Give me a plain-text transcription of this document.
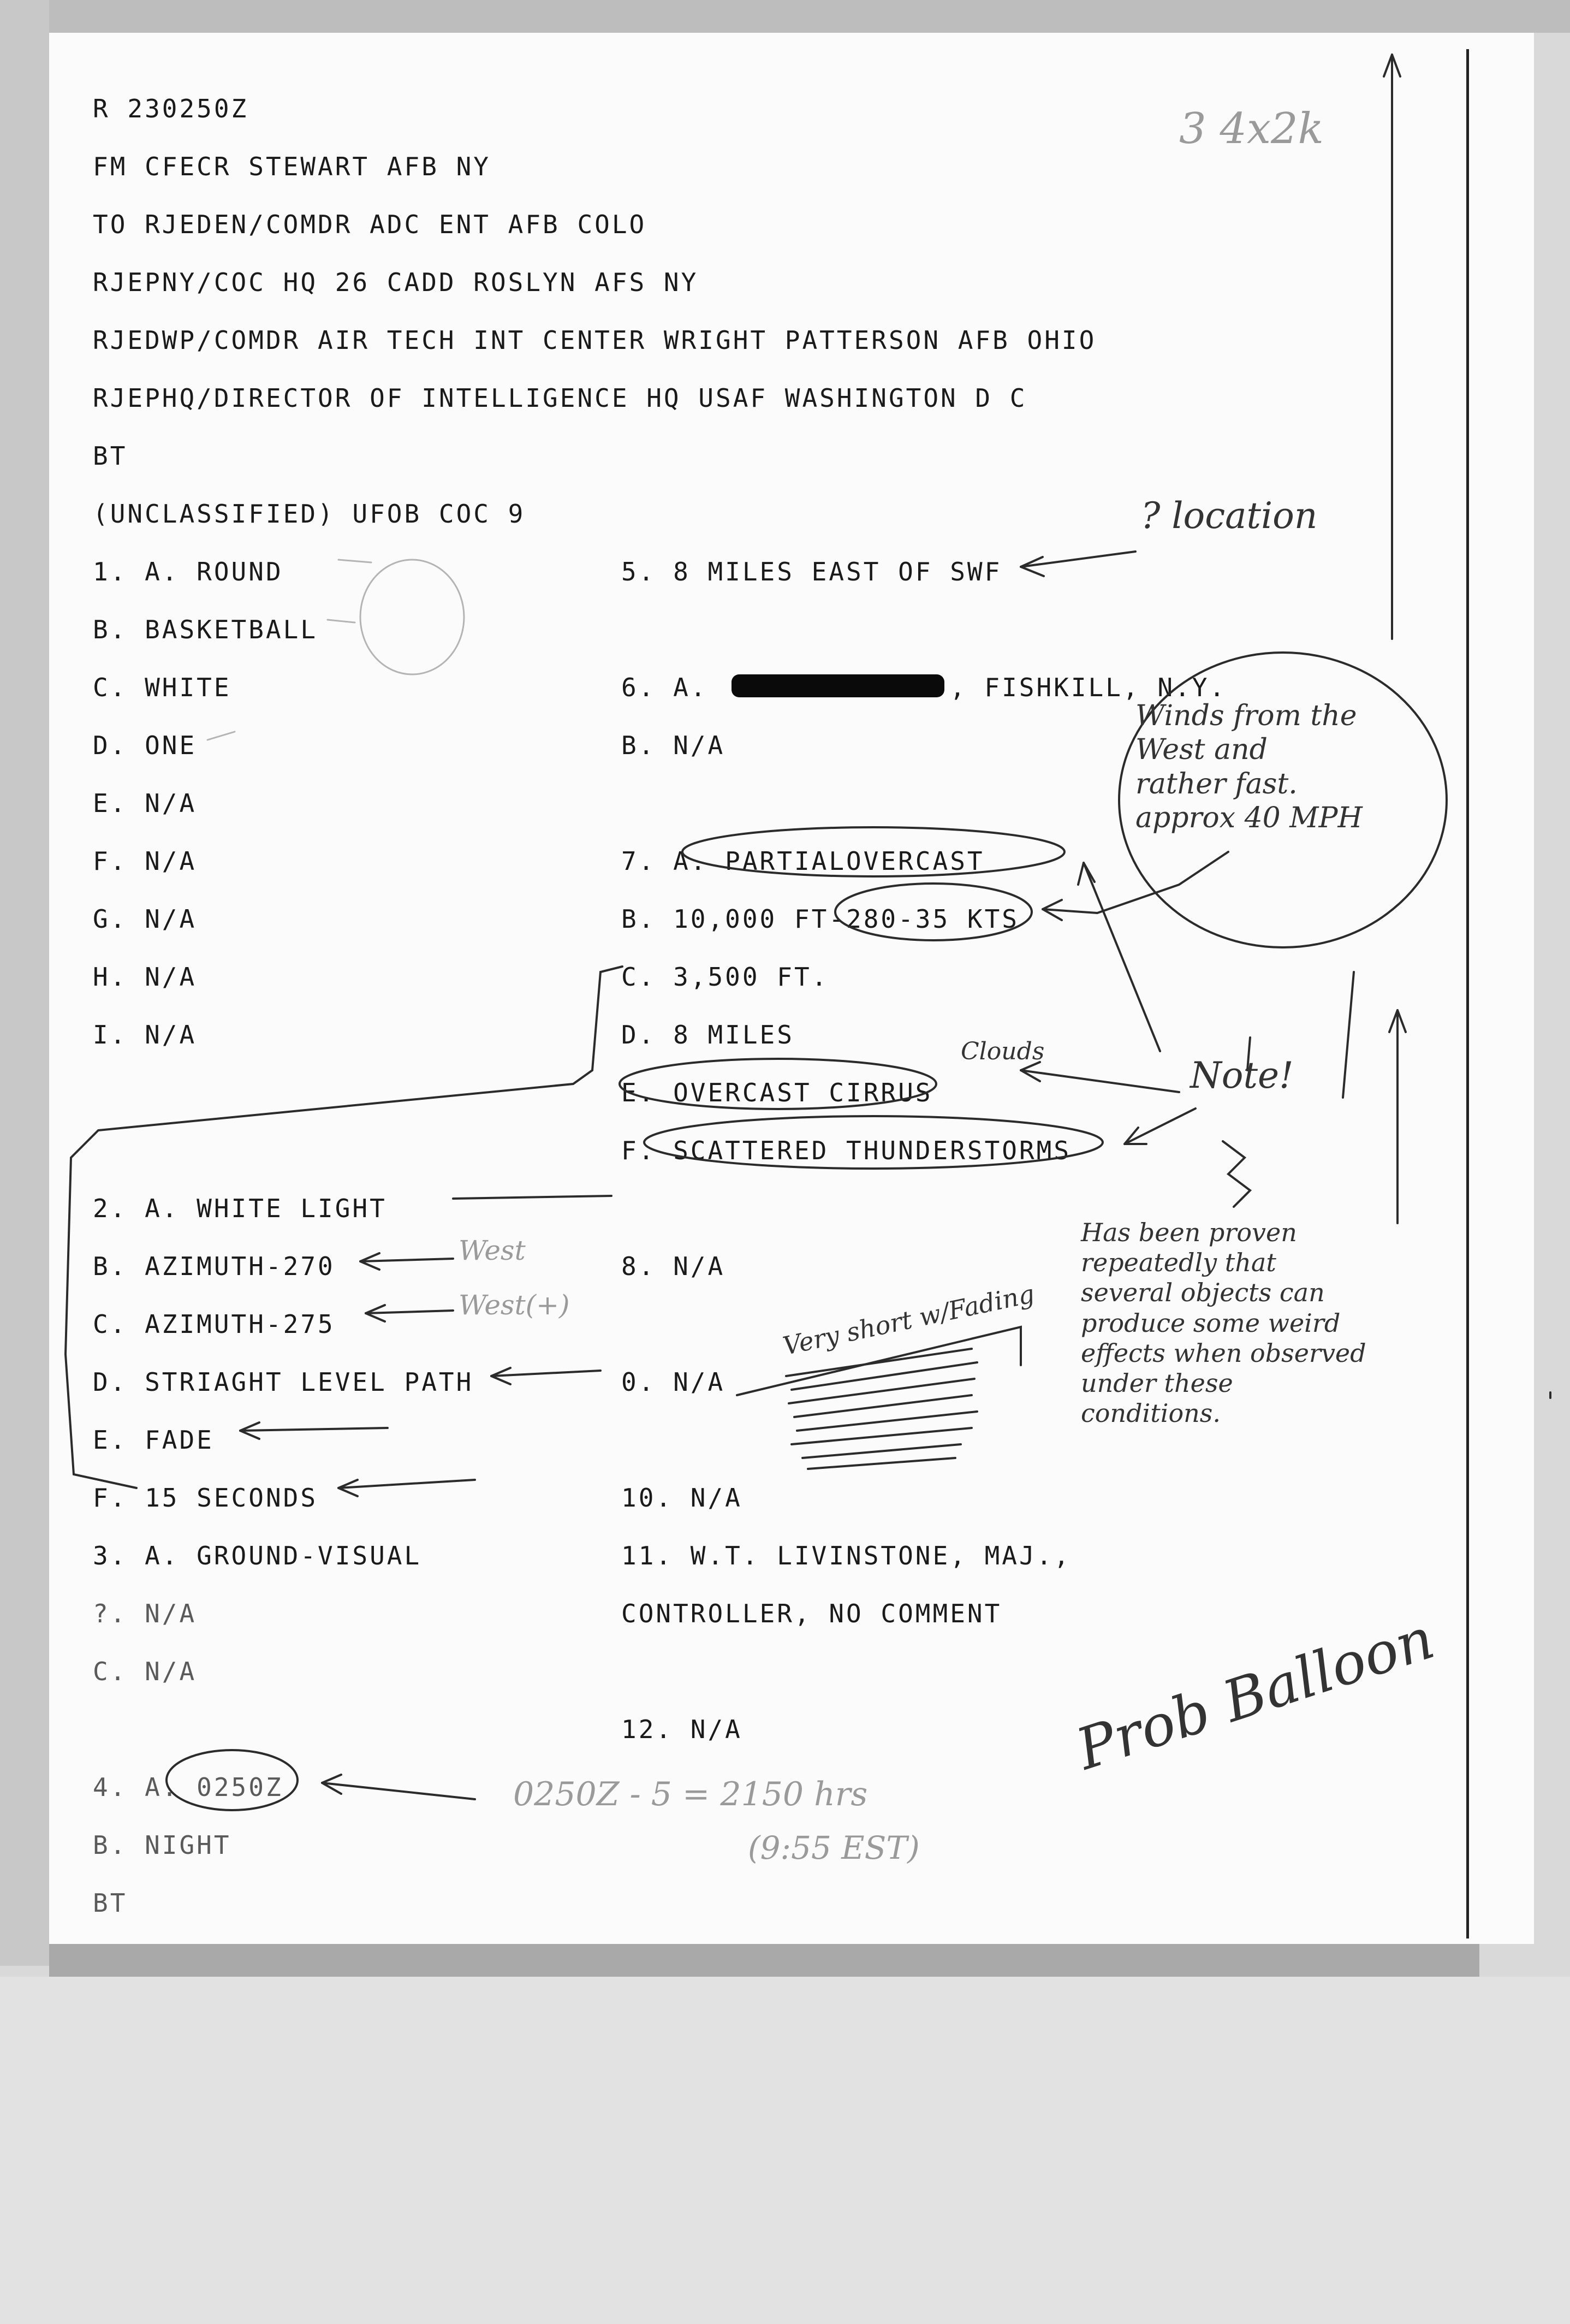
R 230250Z
FM CFECR STEWART AFB NY
TO RJEDEN/COMDR ADC ENT AFB COLO
RJEPNY/COC HQ 26 CADD ROSLYN AFS NY
RJEDWP/COMDR AIR TECH INT CENTER WRIGHT PATTERSON AFB OHIO
RJEPHQ/DIRECTOR OF INTELLIGENCE HQ USAF WASHINGTON D C
BT
(UNCLASSIFIED) UFOB COC 9
1. A. ROUND
B. BASKETBALL
C. WHITE
D. ONE
E. N/A
F. N/A
G. N/A
H. N/A
I. N/A
2. A. WHITE LIGHT
B. AZIMUTH-270
C. AZIMUTH-275
D. STRIAGHT LEVEL PATH
E. FADE
F. 15 SECONDS
3. A. GROUND-VISUAL
?. N/A
C. N/A
4. A. 0250Z
B. NIGHT
BT
5. 8 MILES EAST OF SWF
6. A.	, FISHKILL, N.Y.
B. N/A
7. A. PARTIALOVERCAST
B. 10,000 FT-280-35 KTS
C. 3,500 FT.
D. 8 MILES
E. OVERCAST CIRRUS
F. SCATTERED THUNDERSTORMS
8. N/A
0. N/A
10. N/A
11. W.T. LIVINSTONE, MAJ.,
CONTROLLER, NO COMMENT
12. N/A
3 4x2k
? location
Winds from the
West and
rather fast.
approx 40 MPH
Clouds
Note!
West
West(+)	Very short w/Fading
Has been proven
repeatedly that
several objects can
produce some weird
effects when observed
under these
conditions.
0250Z - 5 = 2150 hrs
(9:55 EST)
Prob Balloon
